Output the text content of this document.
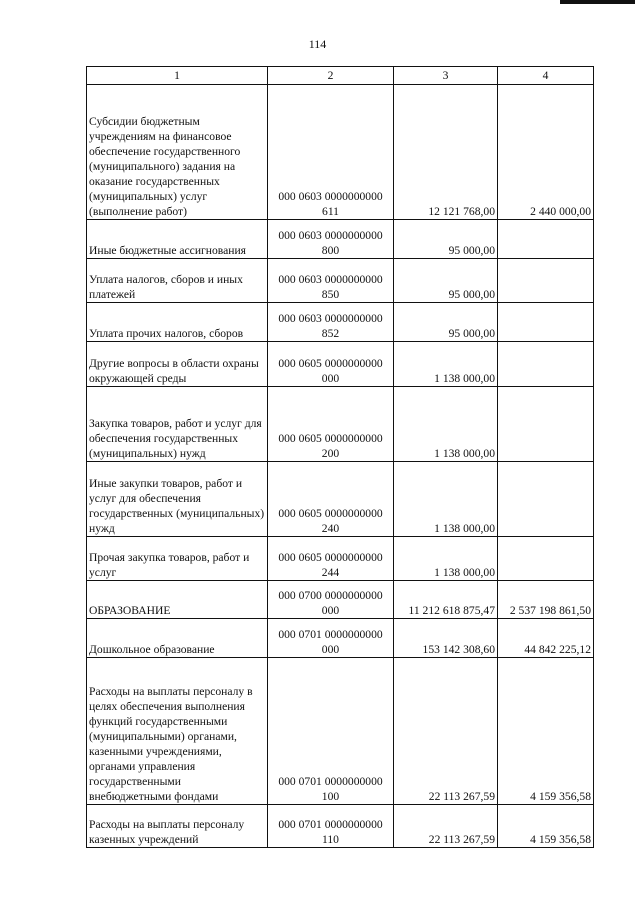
114
1	2	3	4
Субсидии бюджетным учреждениям на финансовое обеспечение государственного (муниципального) задания на оказание государственных (муниципальных) услуг (выполнение работ)	000 0603 0000000000 611	12 121 768,00	2 440 000,00
Иные бюджетные ассигнования	000 0603 0000000000 800	95 000,00	
Уплата налогов, сборов и иных платежей	000 0603 0000000000 850	95 000,00	
Уплата прочих налогов, сборов	000 0603 0000000000 852	95 000,00	
Другие вопросы в области охраны окружающей среды	000 0605 0000000000 000	1 138 000,00	
Закупка товаров, работ и услуг для обеспечения государственных (муниципальных) нужд	000 0605 0000000000 200	1 138 000,00	
Иные закупки товаров, работ и услуг для обеспечения государственных (муниципальных) нужд	000 0605 0000000000 240	1 138 000,00	
Прочая закупка товаров, работ и услуг	000 0605 0000000000 244	1 138 000,00	
ОБРАЗОВАНИЕ	000 0700 0000000000 000	11 212 618 875,47	2 537 198 861,50
Дошкольное образование	000 0701 0000000000 000	153 142 308,60	44 842 225,12
Расходы на выплаты персоналу в целях обеспечения выполнения функций государственными (муниципальными) органами, казенными учреждениями, органами управления государственными внебюджетными фондами	000 0701 0000000000 100	22 113 267,59	4 159 356,58
Расходы на выплаты персоналу казенных учреждений	000 0701 0000000000 110	22 113 267,59	4 159 356,58
